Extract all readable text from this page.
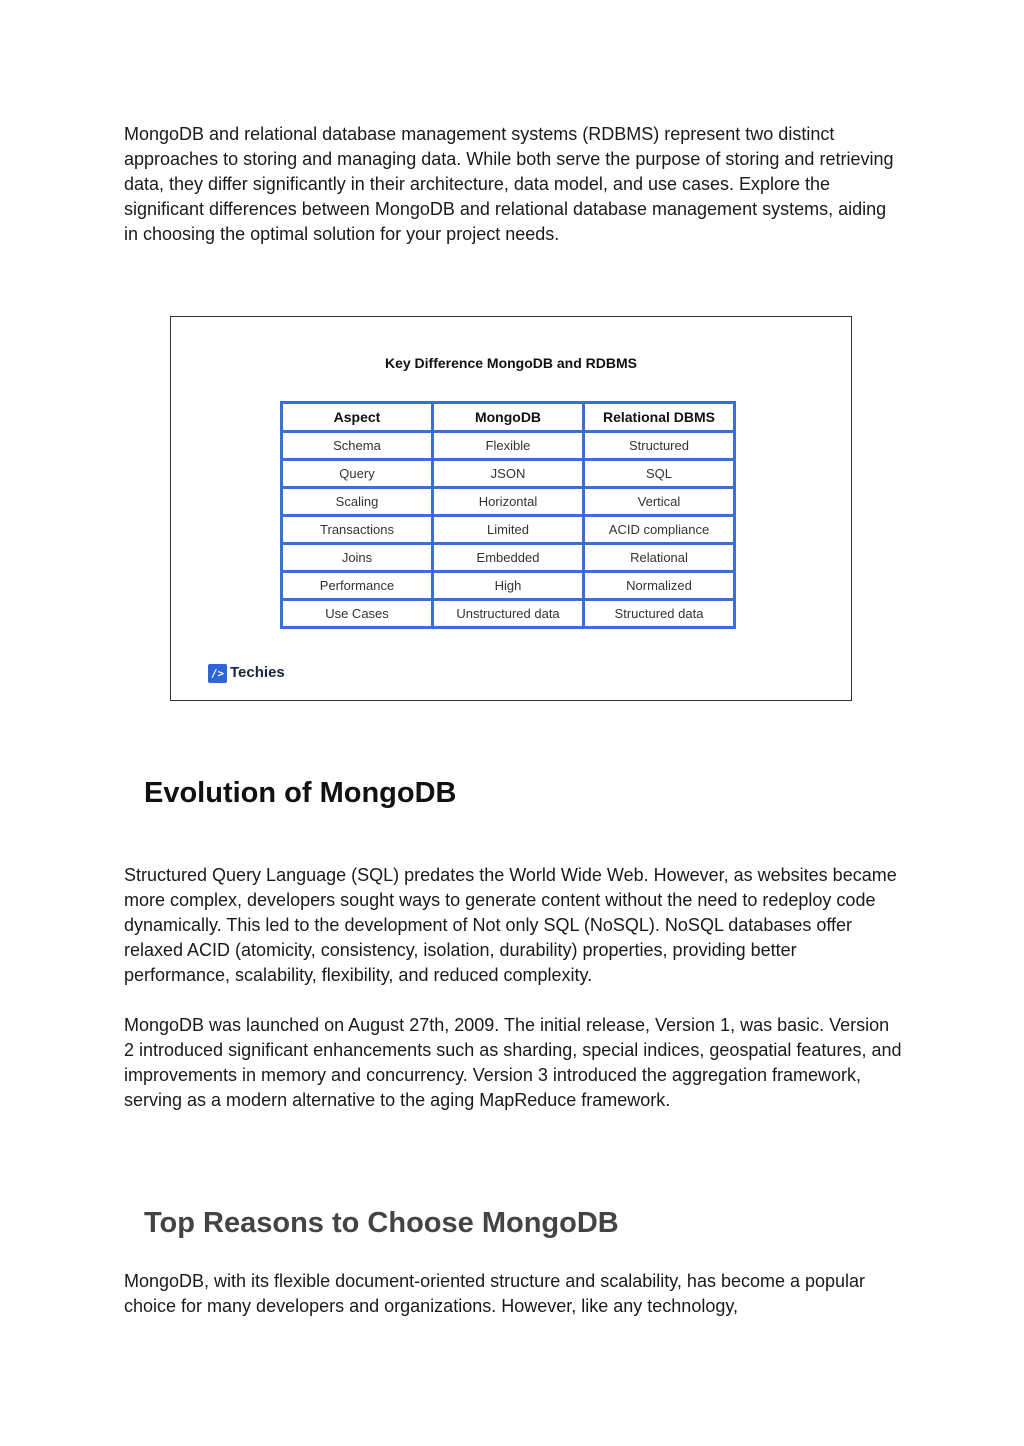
MongoDB and relational database management systems (RDBMS) represent two distinct approaches to storing and managing data. While both serve the purpose of storing and retrieving data, they differ significantly in their architecture, data model, and use cases. Explore the significant differences between MongoDB and relational database management systems, aiding in choosing the optimal solution for your project needs.

Key Difference MongoDB and RDBMS
Aspect	MongoDB	Relational DBMS
Schema	Flexible	Structured
Query	JSON	SQL
Scaling	Horizontal	Vertical
Transactions	Limited	ACID compliance
Joins	Embedded	Relational
Performance	High	Normalized
Use Cases	Unstructured data	Structured data
/> Techies
Evolution of MongoDB

Structured Query Language (SQL) predates the World Wide Web. However, as websites became more complex, developers sought ways to generate content without the need to redeploy code dynamically. This led to the development of Not only SQL (NoSQL). NoSQL databases offer relaxed ACID (atomicity, consistency, isolation, durability) properties, providing better performance, scalability, flexibility, and reduced complexity.

MongoDB was launched on August 27th, 2009. The initial release, Version 1, was basic. Version 2 introduced significant enhancements such as sharding, special indices, geospatial features, and improvements in memory and concurrency. Version 3 introduced the aggregation framework, serving as a modern alternative to the aging MapReduce framework.

Top Reasons to Choose MongoDB

MongoDB, with its flexible document-oriented structure and scalability, has become a popular choice for many developers and organizations. However, like any technology,
